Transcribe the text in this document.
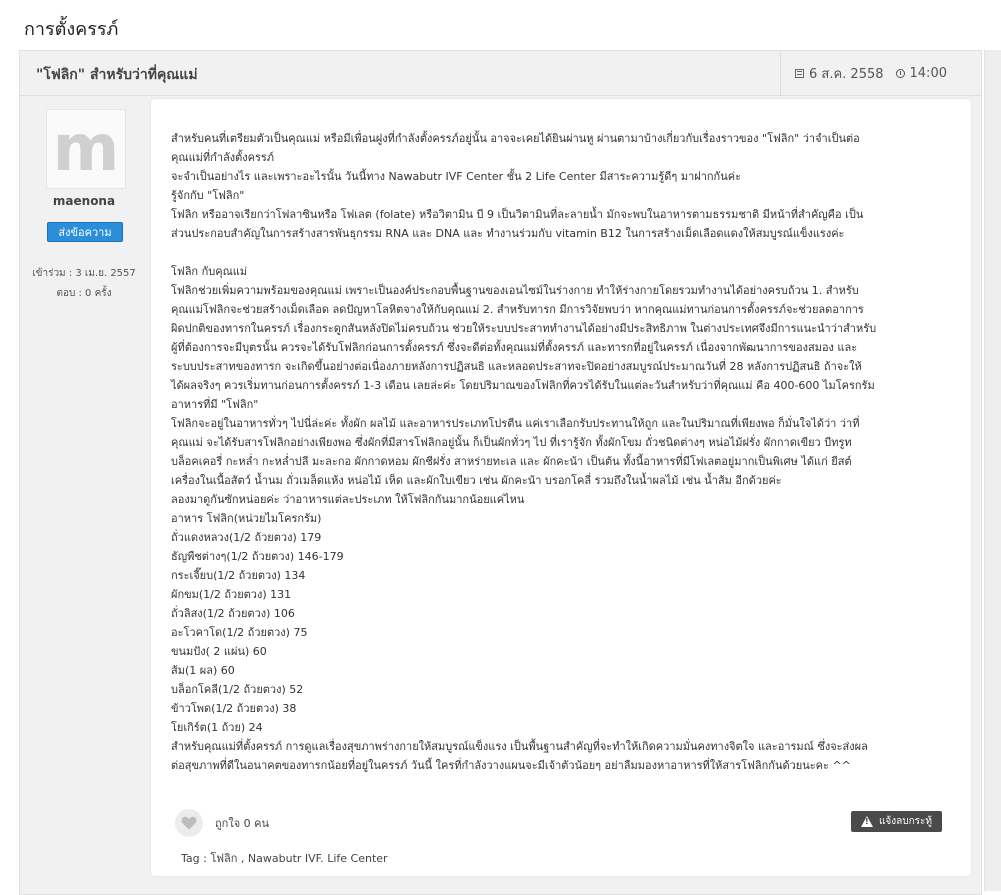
การตั้งครรภ์
"โฟลิก" สำหรับว่าที่คุณแม่	6 ส.ค. 2558 14:00
m
maenona
ส่งข้อความ
เข้าร่วม : 3 เม.ย. 2557
ตอบ : 0 ครั้ง

สำหรับคนที่เตรียมตัวเป็นคุณแม่ หรือมีเพื่อนฝูงที่กำลังตั้งครรภ์อยู่นั้น อาจจะเคยได้ยินผ่านหู ผ่านตามาบ้างเกี่ยวกับเรื่องราวของ "โฟลิก" ว่าจำเป็นต่อ

คุณแม่ที่กำลังตั้งครรภ์

จะจำเป็นอย่างไร และเพราะอะไรนั้น วันนี้ทาง Nawabutr IVF Center ชั้น 2 Life Center มีสาระความรู้ดีๆ มาฝากกันค่ะ

รู้จักกับ "โฟลิก"

โฟลิก หรืออาจเรียกว่าโฟลาซินหรือ โฟเลต (folate) หรือวิตามิน บี 9 เป็นวิตามินที่ละลายน้ำ มักจะพบในอาหารตามธรรมชาติ มีหน้าที่สำคัญคือ เป็น

ส่วนประกอบสำคัญในการสร้างสารพันธุกรรม RNA และ DNA และ ทำงานร่วมกับ vitamin B12 ในการสร้างเม็ดเลือดแดงให้สมบูรณ์แข็งแรงค่ะ

โฟลิก กับคุณแม่

โฟลิกช่วยเพิ่มความพร้อมของคุณแม่ เพราะเป็นองค์ประกอบพื้นฐานของเอนไซม์ในร่างกาย ทำให้ร่างกายโดยรวมทำงานได้อย่างครบถ้วน 1. สำหรับ

คุณแม่โฟลิกจะช่วยสร้างเม็ดเลือด ลดปัญหาโลหิตจางให้กับคุณแม่ 2. สำหรับทารก มีการวิจัยพบว่า หากคุณแม่ทานก่อนการตั้งครรภ์จะช่วยลดอาการ

ผิดปกติของทารกในครรภ์ เรื่องกระดูกสันหลังปิดไม่ครบถ้วน ช่วยให้ระบบประสาททำงานได้อย่างมีประสิทธิภาพ ในต่างประเทศจึงมีการแนะนำว่าสำหรับ

ผู้ที่ต้องการจะมีบุตรนั้น ควรจะได้รับโฟลิกก่อนการตั้งครรภ์ ซึ่งจะดีต่อทั้งคุณแม่ที่ตั้งครรภ์ และทารกที่อยู่ในครรภ์ เนื่องจากพัฒนาการของสมอง และ

ระบบประสาทของทารก จะเกิดขึ้นอย่างต่อเนื่องภายหลังการปฏิสนธิ และหลอดประสาทจะปิดอย่างสมบูรณ์ประมาณวันที่ 28 หลังการปฏิสนธิ ถ้าจะให้

ได้ผลจริงๆ ควรเริ่มทานก่อนการตั้งครรภ์ 1-3 เดือน เลยล่ะค่ะ โดยปริมาณของโฟลิกที่ควรได้รับในแต่ละวันสำหรับว่าที่คุณแม่ คือ 400-600 ไมโครกรัม

อาหารที่มี "โฟลิก"

โฟลิกจะอยู่ในอาหารทั่วๆ ไปนี่ล่ะค่ะ ทั้งผัก ผลไม้ และอาหารประเภทโปรตีน แค่เราเลือกรับประทานให้ถูก และในปริมาณที่เพียงพอ ก็มั่นใจได้ว่า ว่าที่

คุณแม่ จะได้รับสารโฟลิกอย่างเพียงพอ ซึ่งผักที่มีสารโฟลิกอยู่นั้น ก็เป็นผักทั่วๆ ไป ที่เรารู้จัก ทั้งผักโขม ถั่วชนิดต่างๆ หน่อไม้ฝรั่ง ผักกาดเขียว บีทรูท

บล็อคเคอรี่ กะหล่ำ กะหล่ำปลี มะละกอ ผักกาดหอม ผักชีฝรั่ง สาหร่ายทะเล และ ผักคะน้า เป็นต้น ทั้งนี้อาหารที่มีโฟเลตอยู่มากเป็นพิเศษ ได้แก่ ยีสต์

เครื่องในเนื้อสัตว์ น้ำนม ถั่วเมล็ดแห้ง หน่อไม้ เห็ด และผักใบเขียว เช่น ผักคะน้า บรอกโคลี่ รวมถึงในน้ำผลไม้ เช่น น้ำส้ม อีกด้วยค่ะ

ลองมาดูกันซักหน่อยค่ะ ว่าอาหารแต่ละประเภท ให้โฟลิกกันมากน้อยแค่ไหน

อาหาร โฟลิก(หน่วยไมโครกรัม)

ถั่วแดงหลวง(1/2 ถ้วยตวง) 179

ธัญพืชต่างๆ(1/2 ถ้วยตวง) 146-179

กระเจี๊ยบ(1/2 ถ้วยตวง) 134

ผักขม(1/2 ถ้วยตวง) 131

ถั่วลิสง(1/2 ถ้วยตวง) 106

อะโวคาโด(1/2 ถ้วยตวง) 75

ขนมปัง( 2 แผ่น) 60

ส้ม(1 ผล) 60

บล็อกโคลี(1/2 ถ้วยตวง) 52

ข้าวโพด(1/2 ถ้วยตวง) 38

โยเกิร์ต(1 ถ้วย) 24

สำหรับคุณแม่ที่ตั้งครรภ์ การดูแลเรื่องสุขภาพร่างกายให้สมบูรณ์แข็งแรง เป็นพื้นฐานสำคัญที่จะทำให้เกิดความมั่นคงทางจิตใจ และอารมณ์ ซึ่งจะส่งผล

ต่อสุขภาพที่ดีในอนาคตของทารกน้อยที่อยู่ในครรภ์ วันนี้ ใครที่กำลังวางแผนจะมีเจ้าตัวน้อยๆ อย่าลืมมองหาอาหารที่ให้สารโฟลิกกันด้วยนะคะ ^^

ถูกใจ 0 คน
!	แจ้งลบกระทู้
Tag : โฟลิก , Nawabutr IVF. Life Center
